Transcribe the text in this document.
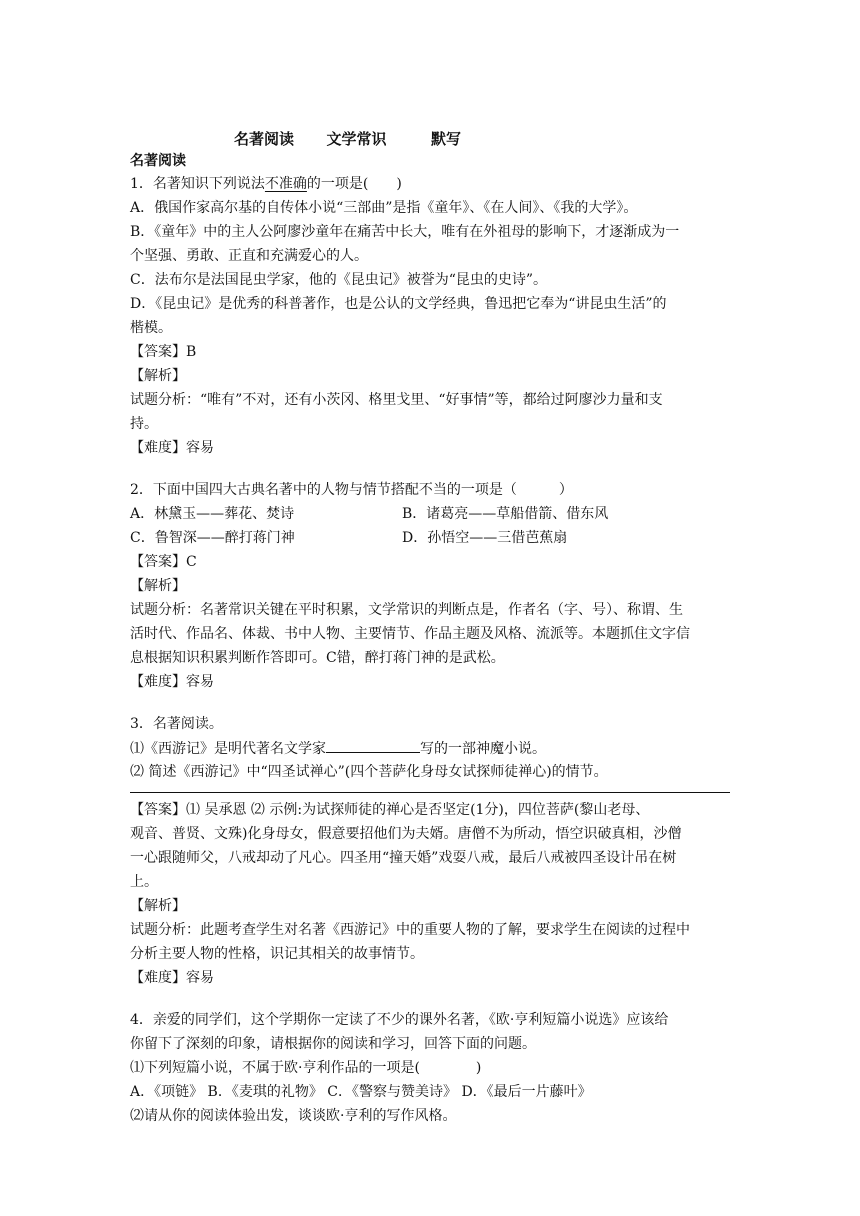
名著阅读 文学常识	默写
名著阅读
1．名著知识下列说法不准确的一项是(　　)
A．俄国作家高尔基的自传体小说“三部曲”是指《童年》、《在人间》、《我的大学》。
B．《童年》中的主人公阿廖沙童年在痛苦中长大，唯有在外祖母的影响下，才逐渐成为一
个坚强、勇敢、正直和充满爱心的人。
C．法布尔是法国昆虫学家，他的《昆虫记》被誉为“昆虫的史诗”。
D．《昆虫记》是优秀的科普著作，也是公认的文学经典，鲁迅把它奉为“讲昆虫生活”的
楷模。
【答案】B
【解析】
试题分析：“唯有”不对，还有小茨冈、格里戈里、“好事情”等，都给过阿廖沙力量和支
持。
【难度】容易
2．下面中国四大古典名著中的人物与情节搭配不当的一项是（　　　）
A．林黛玉——葬花、焚诗	B．诸葛亮——草船借箭、借东风
C．鲁智深——醉打蒋门神	D．孙悟空——三借芭蕉扇
【答案】C
【解析】
试题分析：名著常识关键在平时积累，文学常识的判断点是，作者名（字、号）、称谓、生
活时代、作品名、体裁、书中人物、主要情节、作品主题及风格、流派等。本题抓住文字信
息根据知识积累判断作答即可。C错，醉打蒋门神的是武松。
【难度】容易
3．名著阅读。
⑴《西游记》是明代著名文学家	写的一部神魔小说。
⑵ 简述《西游记》中“四圣试禅心”(四个菩萨化身母女试探师徒禅心)的情节。
【答案】⑴ 吴承恩 ⑵ 示例:为试探师徒的禅心是否坚定(1分)，四位菩萨(黎山老母、
观音、普贤、文殊)化身母女，假意要招他们为夫婿。唐僧不为所动，悟空识破真相，沙僧
一心跟随师父，八戒却动了凡心。四圣用“撞天婚”戏耍八戒，最后八戒被四圣设计吊在树
上。
【解析】
试题分析：此题考查学生对名著《西游记》中的重要人物的了解，要求学生在阅读的过程中
分析主要人物的性格，识记其相关的故事情节。
【难度】容易
4．亲爱的同学们，这个学期你一定读了不少的课外名著，《欧·亨利短篇小说选》应该给
你留下了深刻的印象，请根据你的阅读和学习，回答下面的问题。
⑴下列短篇小说，不属于欧·亨利作品的一项是(　　　　)
A．《项链》 B．《麦琪的礼物》 C．《警察与赞美诗》 D．《最后一片藤叶》
⑵请从你的阅读体验出发，谈谈欧·亨利的写作风格。
